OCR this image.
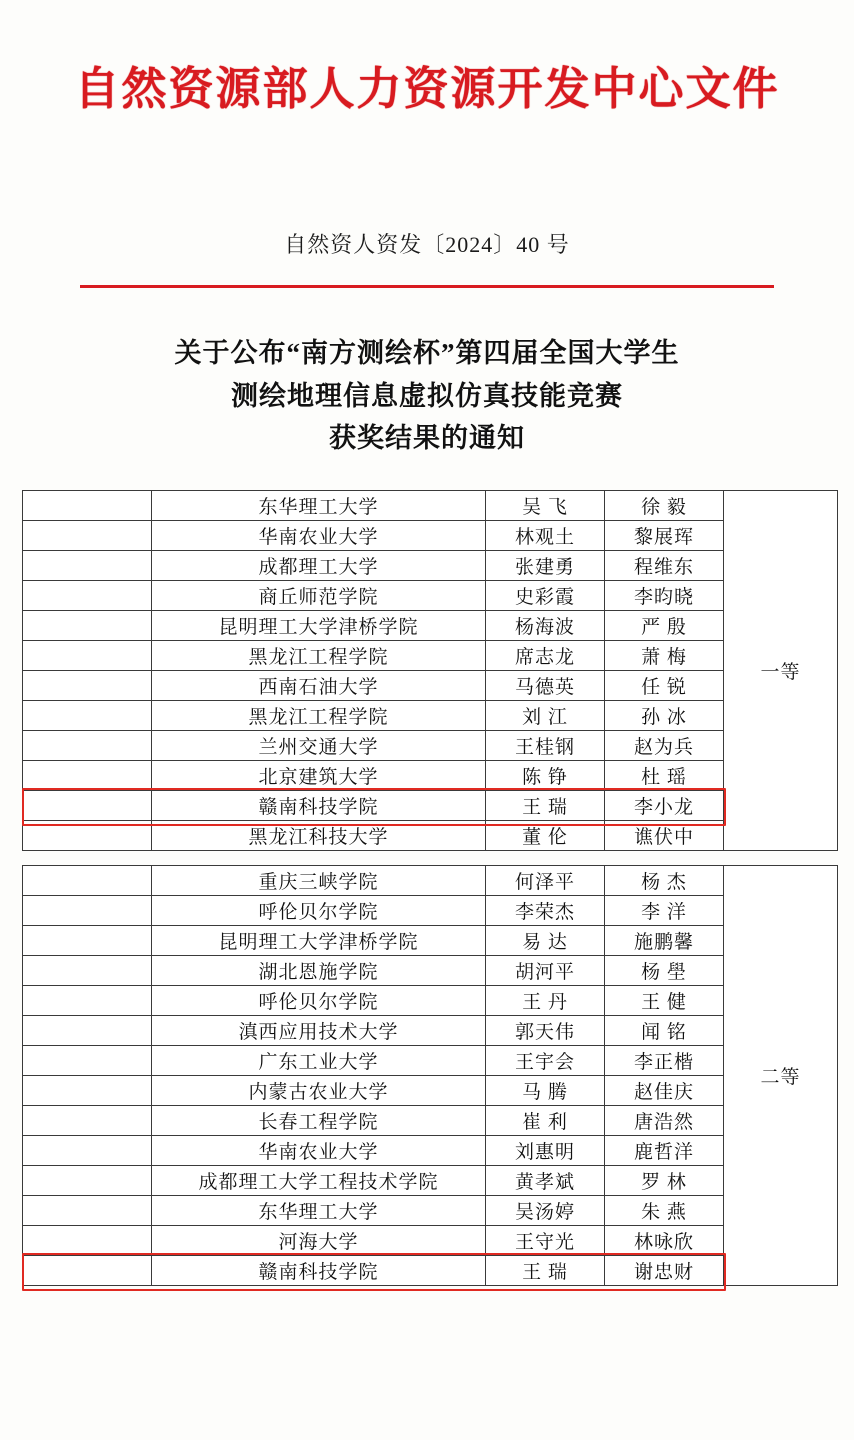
自然资源部人力资源开发中心文件
自然资人资发〔2024〕40 号
关于公布“南方测绘杯”第四届全国大学生
测绘地理信息虚拟仿真技能竞赛
获奖结果的通知
	东华理工大学	吴 飞	徐 毅	一等
	华南农业大学	林观土	黎展珲	
	成都理工大学	张建勇	程维东	
	商丘师范学院	史彩霞	李昀晓	
	昆明理工大学津桥学院	杨海波	严 殷	
	黑龙江工程学院	席志龙	萧 梅	
	西南石油大学	马德英	任 锐	
	黑龙江工程学院	刘 江	孙 冰	
	兰州交通大学	王桂钢	赵为兵	
	北京建筑大学	陈 铮	杜 瑶	
	赣南科技学院	王 瑞	李小龙	
	黑龙江科技大学	董 伦	谯伏中	
	重庆三峡学院	何泽平	杨 杰	二等
	呼伦贝尔学院	李荣杰	李 洋	
	昆明理工大学津桥学院	易 达	施鹏馨	
	湖北恩施学院	胡河平	杨 壆	
	呼伦贝尔学院	王 丹	王 健	
	滇西应用技术大学	郭天伟	闻 铭	
	广东工业大学	王宇会	李正楷	
	内蒙古农业大学	马 腾	赵佳庆	
	长春工程学院	崔 利	唐浩然	
	华南农业大学	刘惠明	鹿哲洋	
	成都理工大学工程技术学院	黄孝斌	罗 林	
	东华理工大学	吴汤婷	朱 燕	
	河海大学	王守光	林咏欣	
	赣南科技学院	王 瑞	谢忠财	
